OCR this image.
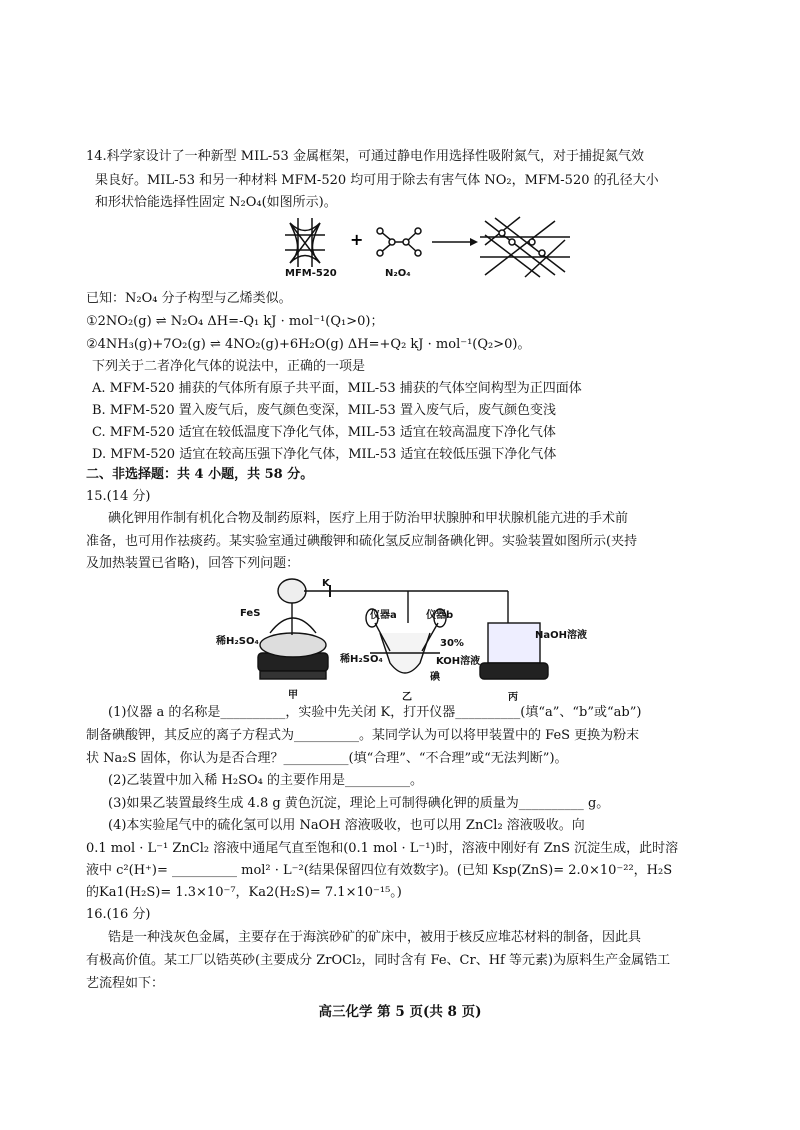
14.科学家设计了一种新型 MIL-53 金属框架，可通过静电作用选择性吸附氮气，对于捕捉氮气效
果良好。MIL-53 和另一种材料 MFM-520 均可用于除去有害气体 NO₂，MFM-520 的孔径大小
和形状恰能选择性固定 N₂O₄(如图所示)。
+
MFM-520	N₂O₄
已知：N₂O₄ 分子构型与乙烯类似。
①2NO₂(g) ⇌ N₂O₄ ΔH=-Q₁ kJ · mol⁻¹(Q₁>0)；
②4NH₃(g)+7O₂(g) ⇌ 4NO₂(g)+6H₂O(g) ΔH=+Q₂ kJ · mol⁻¹(Q₂>0)。
下列关于二者净化气体的说法中，正确的一项是
A. MFM-520 捕获的气体所有原子共平面，MIL-53 捕获的气体空间构型为正四面体
B. MFM-520 置入废气后，废气颜色变深，MIL-53 置入废气后，废气颜色变浅
C. MFM-520 适宜在较低温度下净化气体，MIL-53 适宜在较高温度下净化气体
D. MFM-520 适宜在较高压强下净化气体，MIL-53 适宜在较低压强下净化气体
二、非选择题：共 4 小题，共 58 分。
15.(14 分)
碘化钾用作制有机化合物及制药原料，医疗上用于防治甲状腺肿和甲状腺机能亢进的手术前
准备，也可用作祛痰药。某实验室通过碘酸钾和硫化氢反应制备碘化钾。实验装置如图所示(夹持
及加热装置已省略)，回答下列问题：
FeS
稀H₂SO₄
K
仪器a	仪器b
稀H₂SO₄
30%
KOH溶液
碘
NaOH溶液
甲	乙	丙
(1)仪器 a 的名称是__________，实验中先关闭 K，打开仪器__________(填“a”、“b”或“ab”)
制备碘酸钾，其反应的离子方程式为__________。某同学认为可以将甲装置中的 FeS 更换为粉末
状 Na₂S 固体，你认为是否合理？__________(填“合理”、“不合理”或“无法判断”)。
(2)乙装置中加入稀 H₂SO₄ 的主要作用是__________。
(3)如果乙装置最终生成 4.8 g 黄色沉淀，理论上可制得碘化钾的质量为__________ g。
(4)本实验尾气中的硫化氢可以用 NaOH 溶液吸收，也可以用 ZnCl₂ 溶液吸收。向
0.1 mol · L⁻¹ ZnCl₂ 溶液中通尾气直至饱和(0.1 mol · L⁻¹)时，溶液中刚好有 ZnS 沉淀生成，此时溶
液中 c²(H⁺)= __________ mol² · L⁻²(结果保留四位有效数字)。(已知 Ksp(ZnS)= 2.0×10⁻²²，H₂S
的Ka1(H₂S)= 1.3×10⁻⁷，Ka2(H₂S)= 7.1×10⁻¹⁵。)
16.(16 分)
锆是一种浅灰色金属，主要存在于海滨砂矿的矿床中，被用于核反应堆芯材料的制备，因此具
有极高价值。某工厂以锆英砂(主要成分 ZrOCl₂，同时含有 Fe、Cr、Hf 等元素)为原料生产金属锆工
艺流程如下：
高三化学 第 5 页(共 8 页)
